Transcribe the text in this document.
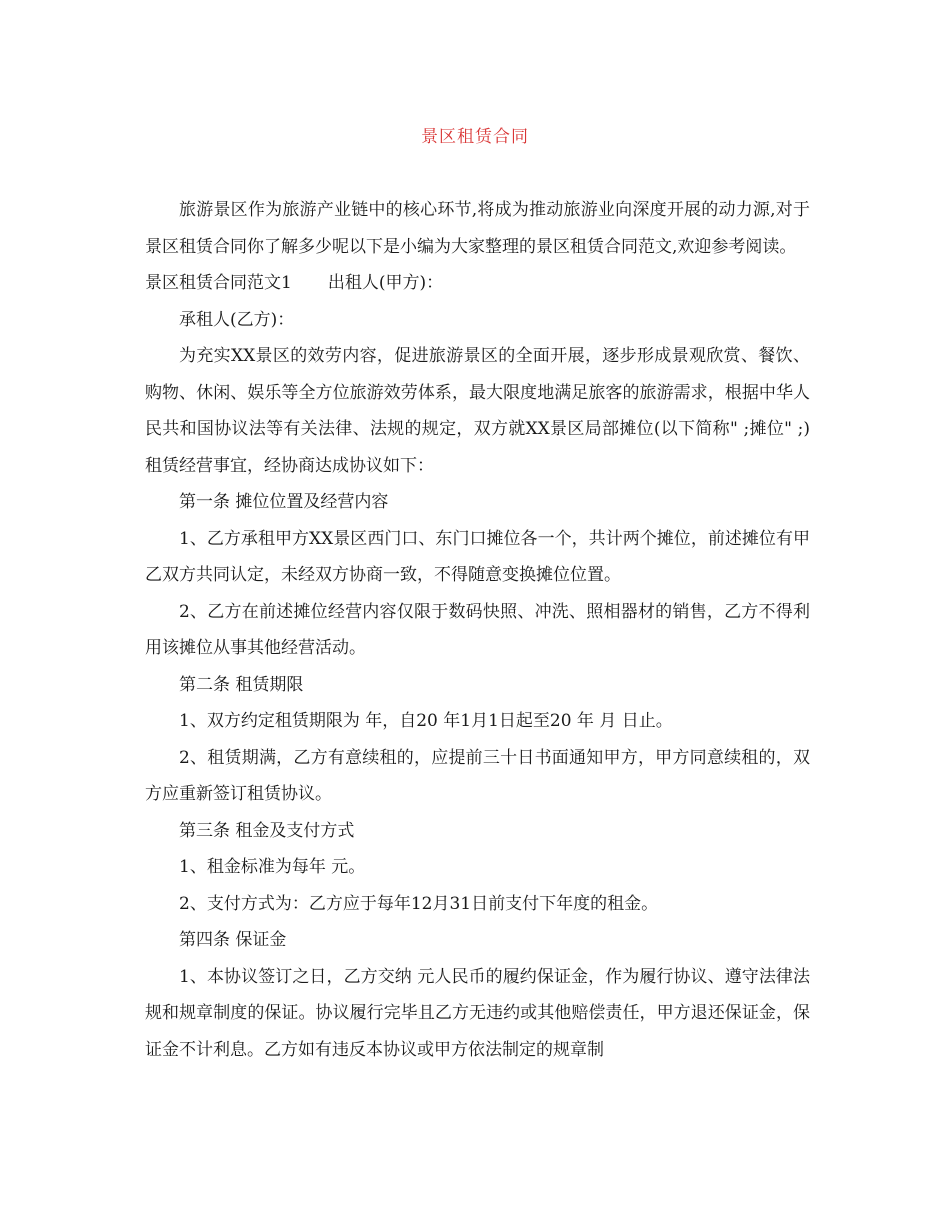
景区租赁合同

旅游景区作为旅游产业链中的核心环节,将成为推动旅游业向深度开展的动力源,对于景区租赁合同你了解多少呢以下是小编为大家整理的景区租赁合同范文,欢迎参考阅读。

景区租赁合同范文1 出租人(甲方)：

承租人(乙方)：

为充实XX景区的效劳内容，促进旅游景区的全面开展，逐步形成景观欣赏、餐饮、购物、休闲、娱乐等全方位旅游效劳体系，最大限度地满足旅客的旅游需求，根据中华人民共和国协议法等有关法律、法规的规定，双方就XX景区局部摊位(以下简称" ;摊位" ;)租赁经营事宜，经协商达成协议如下：

第一条 摊位位置及经营内容

1、乙方承租甲方XX景区西门口、东门口摊位各一个，共计两个摊位，前述摊位有甲乙双方共同认定，未经双方协商一致，不得随意变换摊位位置。

2、乙方在前述摊位经营内容仅限于数码快照、冲洗、照相器材的销售，乙方不得利用该摊位从事其他经营活动。

第二条 租赁期限

1、双方约定租赁期限为 年，自20 年1月1日起至20 年 月 日止。

2、租赁期满，乙方有意续租的，应提前三十日书面通知甲方，甲方同意续租的，双方应重新签订租赁协议。

第三条 租金及支付方式

1、租金标准为每年 元。

2、支付方式为：乙方应于每年12月31日前支付下年度的租金。

第四条 保证金

1、本协议签订之日，乙方交纳 元人民币的履约保证金，作为履行协议、遵守法律法规和规章制度的保证。协议履行完毕且乙方无违约或其他赔偿责任，甲方退还保证金，保证金不计利息。乙方如有违反本协议或甲方依法制定的规章制
